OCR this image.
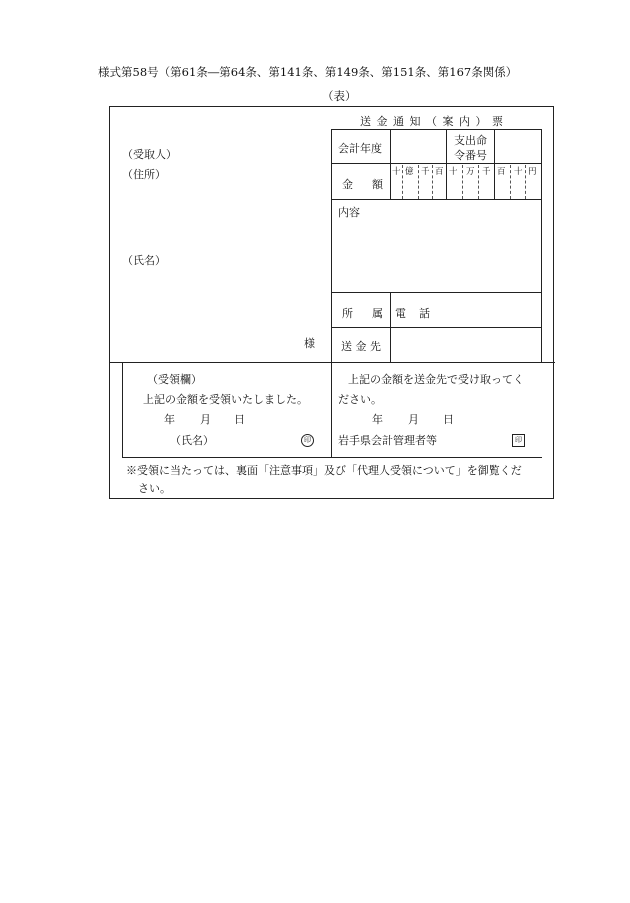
様式第58号（第61条―第64条、第141条、第149条、第151条、第167条関係）
（表）
送 金 通 知 （ 案 内 ） 票
（受取人）
（住所）
（氏名）
様
会計年度
支出命
令番号
金 額
十 億 千 百 十 万 千 百 十 円
内容
所 属 電 話
送 金 先
（受領欄）
上記の金額を受領いたしました。
年 月 日
（氏名）	印
上記の金額を送金先で受け取ってく
ださい。
年 月 日
岩手県会計管理者等	印
※受領に当たっては、裏面「注意事項」及び「代理人受領について」を御覧くだ
さい。
